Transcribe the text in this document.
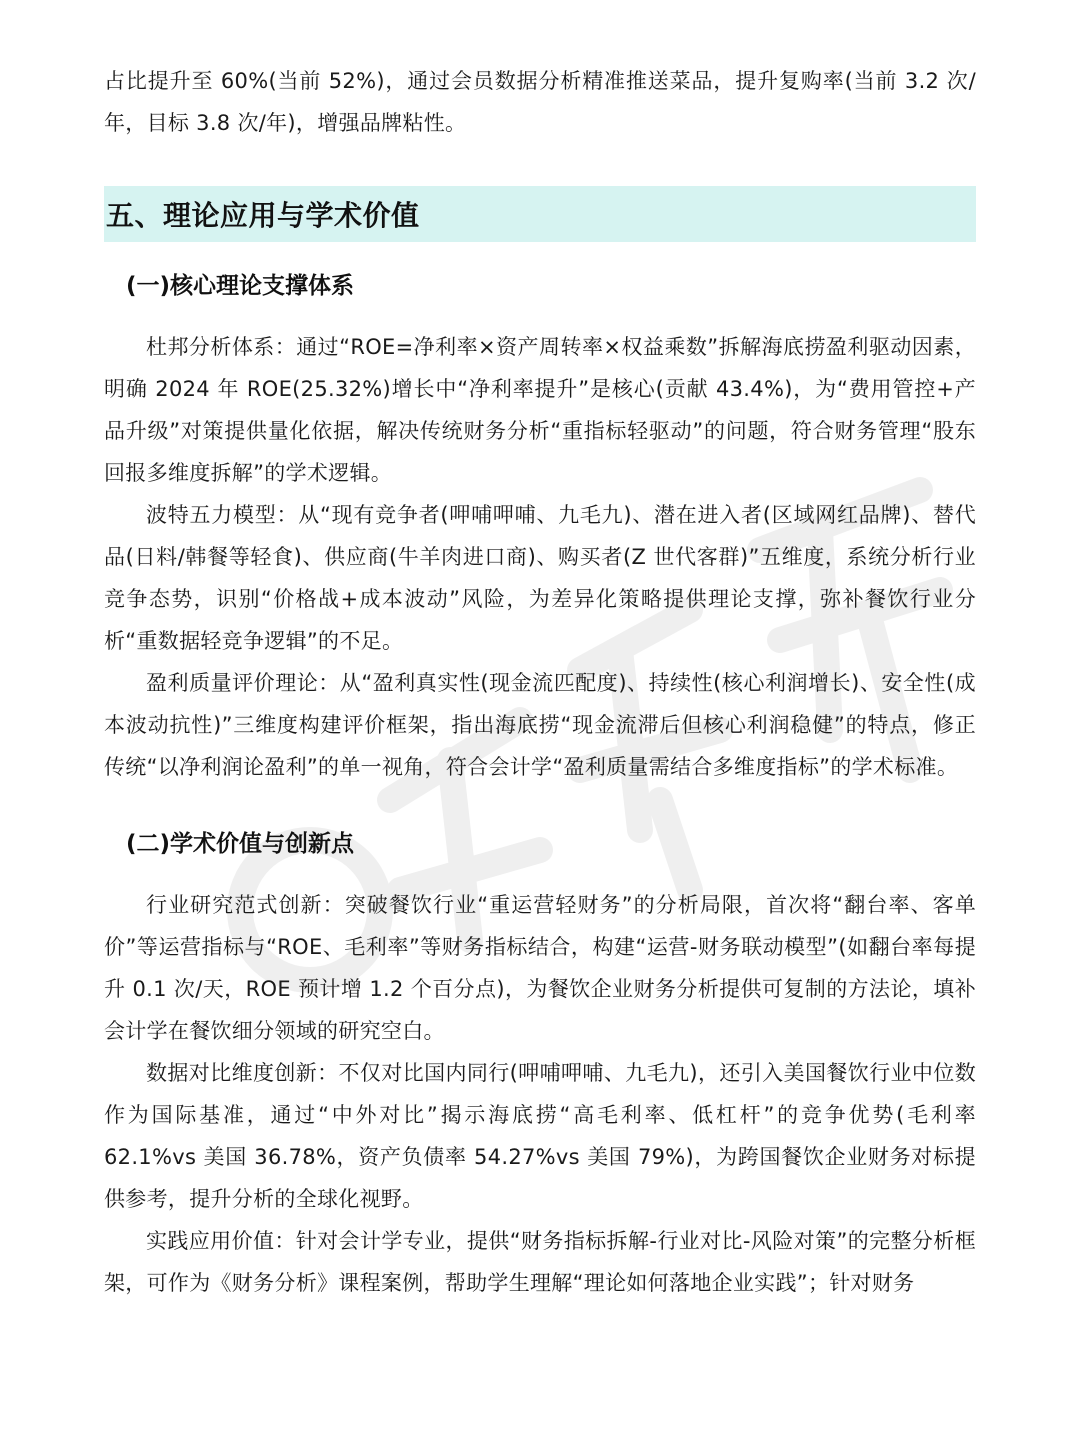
占比提升至 60%(当前 52%)，通过会员数据分析精准推送菜品，提升复购率(当前 3.2 次/年，目标 3.8 次/年)，增强品牌粘性。

五、理论应用与学术价值
(一)核心理论支撑体系

杜邦分析体系：通过“ROE=净利率×资产周转率×权益乘数”拆解海底捞盈利驱动因素，明确 2024 年 ROE(25.32%)增长中“净利率提升”是核心(贡献 43.4%)，为“费用管控+产品升级”对策提供量化依据，解决传统财务分析“重指标轻驱动”的问题，符合财务管理“股东回报多维度拆解”的学术逻辑。

波特五力模型：从“现有竞争者(呷哺呷哺、九毛九)、潜在进入者(区域网红品牌)、替代品(日料/韩餐等轻食)、供应商(牛羊肉进口商)、购买者(Z 世代客群)”五维度，系统分析行业竞争态势，识别“价格战+成本波动”风险，为差异化策略提供理论支撑，弥补餐饮行业分析“重数据轻竞争逻辑”的不足。

盈利质量评价理论：从“盈利真实性(现金流匹配度)、持续性(核心利润增长)、安全性(成本波动抗性)”三维度构建评价框架，指出海底捞“现金流滞后但核心利润稳健”的特点，修正传统“以净利润论盈利”的单一视角，符合会计学“盈利质量需结合多维度指标”的学术标准。

(二)学术价值与创新点

行业研究范式创新：突破餐饮行业“重运营轻财务”的分析局限，首次将“翻台率、客单价”等运营指标与“ROE、毛利率”等财务指标结合，构建“运营-财务联动模型”(如翻台率每提升 0.1 次/天，ROE 预计增 1.2 个百分点)，为餐饮企业财务分析提供可复制的方法论，填补会计学在餐饮细分领域的研究空白。

数据对比维度创新：不仅对比国内同行(呷哺呷哺、九毛九)，还引入美国餐饮行业中位数作为国际基准，通过“中外对比”揭示海底捞“高毛利率、低杠杆”的竞争优势(毛利率 62.1%vs 美国 36.78%，资产负债率 54.27%vs 美国 79%)，为跨国餐饮企业财务对标提供参考，提升分析的全球化视野。

实践应用价值：针对会计学专业，提供“财务指标拆解-行业对比-风险对策”的完整分析框架，可作为《财务分析》课程案例，帮助学生理解“理论如何落地企业实践”；针对财务
